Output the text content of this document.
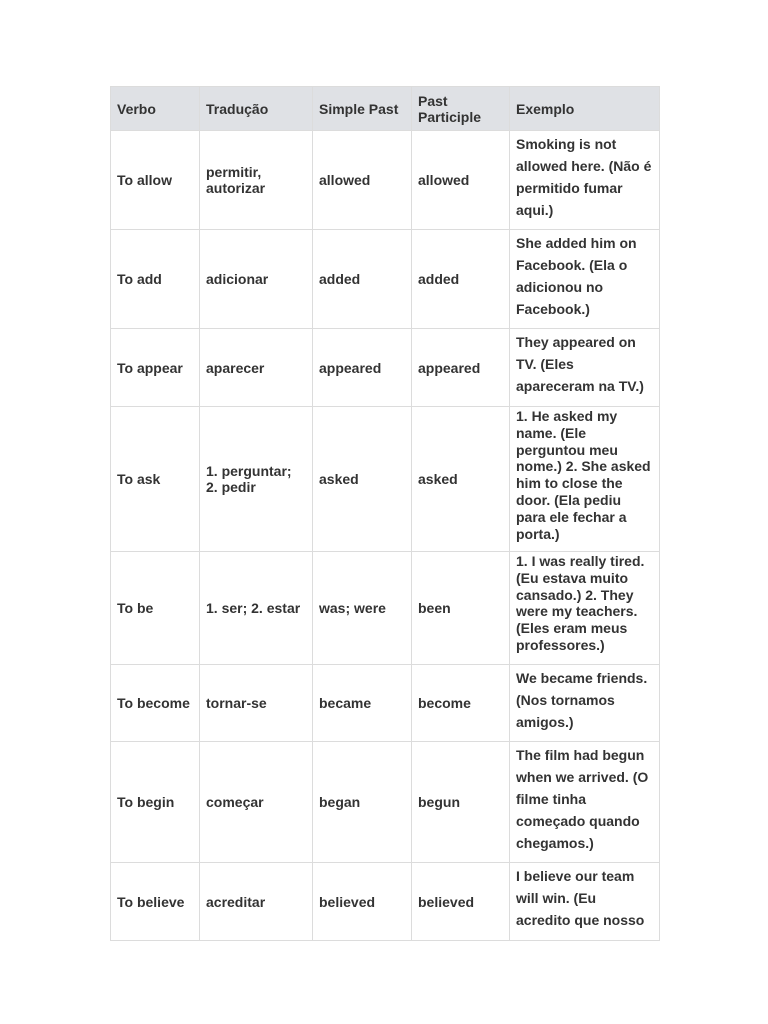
Verbo	Tradução	Simple Past	Past Participle	Exemplo
To allow	permitir, autorizar	allowed	allowed	Smoking is not allowed here. (Não é permitido fumar aqui.)
To add	adicionar	added	added	She added him on Facebook. (Ela o adicionou no Facebook.)
To appear	aparecer	appeared	appeared	They appeared on TV. (Eles apareceram na TV.)
To ask	1. perguntar; 2. pedir	asked	asked	1. He asked my name. (Ele perguntou meu nome.) 2. She asked him to close the door. (Ela pediu para ele fechar a porta.)
To be	1. ser; 2. estar	was; were	been	1. I was really tired. (Eu estava muito cansado.) 2. They were my teachers. (Eles eram meus professores.)
To become	tornar-se	became	become	We became friends. (Nos tornamos amigos.)
To begin	começar	began	begun	The film had begun when we arrived. (O filme tinha começado quando chegamos.)
To believe	acreditar	believed	believed	I believe our team will win. (Eu acredito que nosso
